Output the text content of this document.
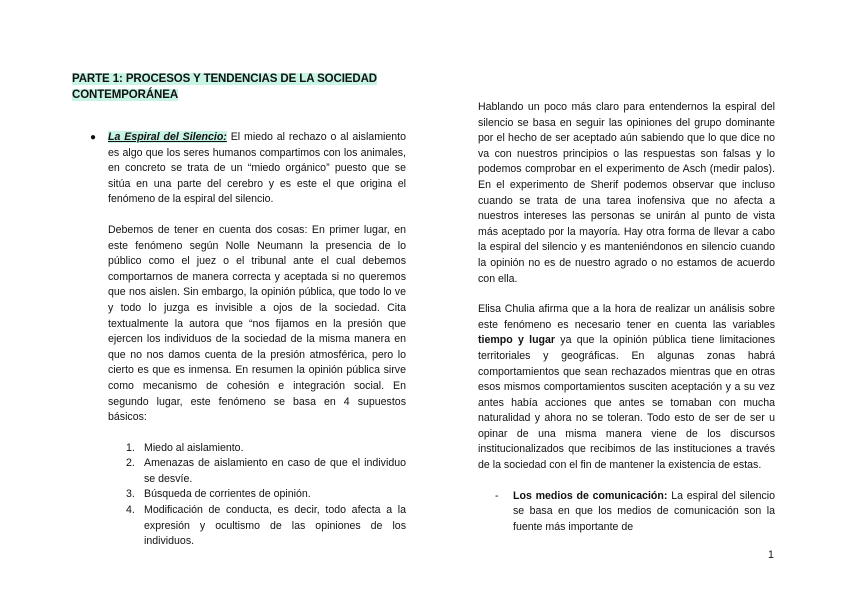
PARTE 1: PROCESOS Y TENDENCIAS DE LA SOCIEDAD
CONTEMPORÁNEA
● La Espiral del Silencio: El miedo al rechazo o al aislamiento es algo que los seres humanos compartimos con los animales, en concreto se trata de un “miedo orgánico” puesto que se sitúa en una parte del cerebro y es este el que origina el fenómeno de la espiral del silencio.

Debemos de tener en cuenta dos cosas: En primer lugar, en este fenómeno según Nolle Neumann la presencia de lo público como el juez o el tribunal ante el cual debemos comportarnos de manera correcta y aceptada si no queremos que nos aislen. Sin embargo, la opinión pública, que todo lo ve y todo lo juzga es invisible a ojos de la sociedad. Cita textualmente la autora que “nos fijamos en la presión que ejercen los individuos de la sociedad de la misma manera en que no nos damos cuenta de la presión atmosférica, pero lo cierto es que es inmensa. En resumen la opinión pública sirve como mecanismo de cohesión e integración social. En segundo lugar, este fenómeno se basa en 4 supuestos básicos:

1. Miedo al aislamiento.
2. Amenazas de aislamiento en caso de que el individuo se desvíe.
3. Búsqueda de corrientes de opinión.
4. Modificación de conducta, es decir, todo afecta a la expresión y ocultismo de las opiniones de los individuos.

Hablando un poco más claro para entendernos la espiral del silencio se basa en seguir las opiniones del grupo dominante por el hecho de ser aceptado aún sabiendo que lo que dice no va con nuestros principios o las respuestas son falsas y lo podemos comprobar en el experimento de Asch (medir palos). En el experimento de Sherif podemos observar que incluso cuando se trata de una tarea inofensiva que no afecta a nuestros intereses las personas se unirán al punto de vista más aceptado por la mayoría. Hay otra forma de llevar a cabo la espiral del silencio y es manteniéndonos en silencio cuando la opinión no es de nuestro agrado o no estamos de acuerdo con ella.

Elisa Chulia afirma que a la hora de realizar un análisis sobre este fenómeno es necesario tener en cuenta las variables tiempo y lugar ya que la opinión pública tiene limitaciones territoriales y geográficas. En algunas zonas habrá comportamientos que sean rechazados mientras que en otras esos mismos comportamientos susciten aceptación y a su vez antes había acciones que antes se tomaban con mucha naturalidad y ahora no se toleran. Todo esto de ser de ser u opinar de una misma manera viene de los discursos institucionalizados que recibimos de las instituciones a través de la sociedad con el fin de mantener la existencia de estas.

- Los medios de comunicación: La espiral del silencio se basa en que los medios de comunicación son la fuente más importante de

1
